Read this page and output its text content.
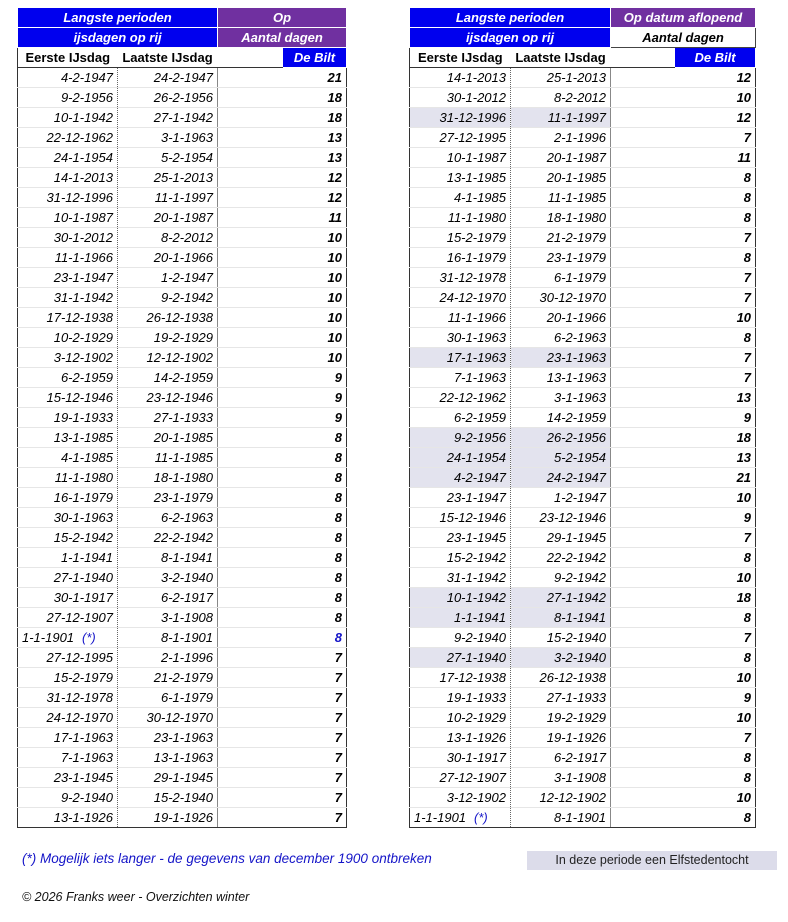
Langste perioden		Op	
ijsdagen op rij		Aantal dagen	
Eerste IJsdag	Laatste IJsdag		De Bilt
4-2-1947	24-2-1947		21
9-2-1956	26-2-1956		18
10-1-1942	27-1-1942		18
22-12-1962	3-1-1963		13
24-1-1954	5-2-1954		13
14-1-2013	25-1-2013		12
31-12-1996	11-1-1997		12
10-1-1987	20-1-1987		11
30-1-2012	8-2-2012		10
11-1-1966	20-1-1966		10
23-1-1947	1-2-1947		10
31-1-1942	9-2-1942		10
17-12-1938	26-12-1938		10
10-2-1929	19-2-1929		10
3-12-1902	12-12-1902		10
6-2-1959	14-2-1959		9
15-12-1946	23-12-1946		9
19-1-1933	27-1-1933		9
13-1-1985	20-1-1985		8
4-1-1985	11-1-1985		8
11-1-1980	18-1-1980		8
16-1-1979	23-1-1979		8
30-1-1963	6-2-1963		8
15-2-1942	22-2-1942		8
1-1-1941	8-1-1941		8
27-1-1940	3-2-1940		8
30-1-1917	6-2-1917		8
27-12-1907	3-1-1908		8
1-1-1901 (*)	8-1-1901		8
27-12-1995	2-1-1996		7
15-2-1979	21-2-1979		7
31-12-1978	6-1-1979		7
24-12-1970	30-12-1970		7
17-1-1963	23-1-1963		7
7-1-1963	13-1-1963		7
23-1-1945	29-1-1945		7
9-2-1940	15-2-1940		7
13-1-1926	19-1-1926		7
Langste perioden		Op datum aflopend	
ijsdagen op rij		Aantal dagen	
Eerste IJsdag	Laatste IJsdag		De Bilt
14-1-2013	25-1-2013		12
30-1-2012	8-2-2012		10
31-12-1996	11-1-1997		12
27-12-1995	2-1-1996		7
10-1-1987	20-1-1987		11
13-1-1985	20-1-1985		8
4-1-1985	11-1-1985		8
11-1-1980	18-1-1980		8
15-2-1979	21-2-1979		7
16-1-1979	23-1-1979		8
31-12-1978	6-1-1979		7
24-12-1970	30-12-1970		7
11-1-1966	20-1-1966		10
30-1-1963	6-2-1963		8
17-1-1963	23-1-1963		7
7-1-1963	13-1-1963		7
22-12-1962	3-1-1963		13
6-2-1959	14-2-1959		9
9-2-1956	26-2-1956		18
24-1-1954	5-2-1954		13
4-2-1947	24-2-1947		21
23-1-1947	1-2-1947		10
15-12-1946	23-12-1946		9
23-1-1945	29-1-1945		7
15-2-1942	22-2-1942		8
31-1-1942	9-2-1942		10
10-1-1942	27-1-1942		18
1-1-1941	8-1-1941		8
9-2-1940	15-2-1940		7
27-1-1940	3-2-1940		8
17-12-1938	26-12-1938		10
19-1-1933	27-1-1933		9
10-2-1929	19-2-1929		10
13-1-1926	19-1-1926		7
30-1-1917	6-2-1917		8
27-12-1907	3-1-1908		8
3-12-1902	12-12-1902		10
1-1-1901 (*)	8-1-1901		8
(*) Mogelijk iets langer - de gegevens van december 1900 ontbreken	In deze periode een Elfstedentocht
© 2026 Franks weer - Overzichten winter
